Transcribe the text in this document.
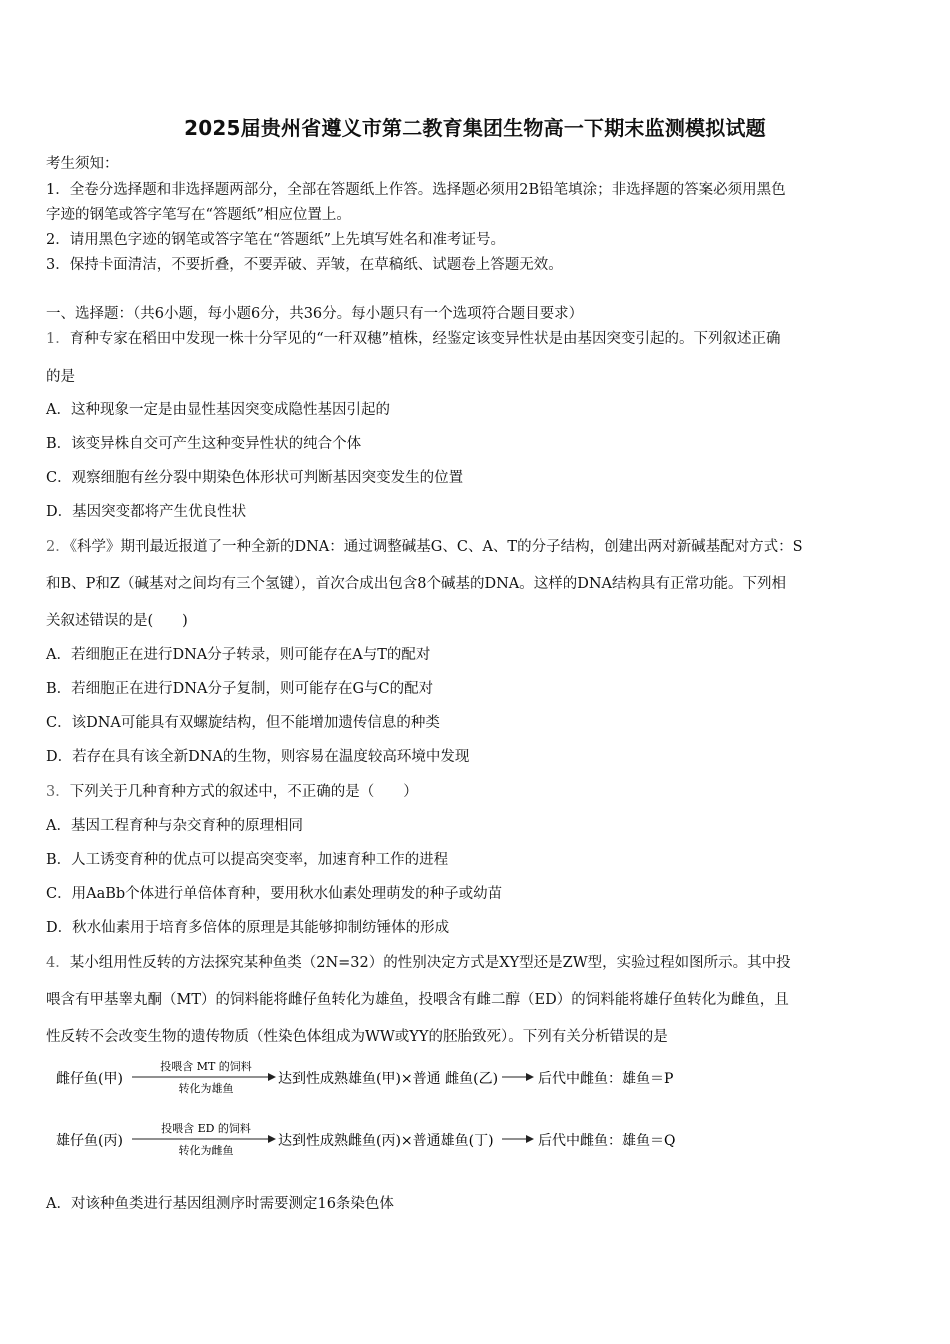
2025届贵州省遵义市第二教育集团生物高一下期末监测模拟试题
考生须知：
1．全卷分选择题和非选择题两部分，全部在答题纸上作答。选择题必须用2B铅笔填涂；非选择题的答案必须用黑色
字迹的钢笔或答字笔写在“答题纸”相应位置上。
2．请用黑色字迹的钢笔或答字笔在“答题纸”上先填写姓名和准考证号。
3．保持卡面清洁，不要折叠，不要弄破、弄皱，在草稿纸、试题卷上答题无效。
一、选择题：（共6小题，每小题6分，共36分。每小题只有一个选项符合题目要求）
1．育种专家在稻田中发现一株十分罕见的“一秆双穗”植株，经鉴定该变异性状是由基因突变引起的。下列叙述正确
的是
A．这种现象一定是由显性基因突变成隐性基因引起的
B．该变异株自交可产生这种变异性状的纯合个体
C．观察细胞有丝分裂中期染色体形状可判断基因突变发生的位置
D．基因突变都将产生优良性状
2．《科学》期刊最近报道了一种全新的DNA：通过调整碱基G、C、A、T的分子结构，创建出两对新碱基配对方式：S
和B、P和Z（碱基对之间均有三个氢键），首次合成出包含8个碱基的DNA。这样的DNA结构具有正常功能。下列相
关叙述错误的是(　　)
A．若细胞正在进行DNA分子转录，则可能存在A与T的配对
B．若细胞正在进行DNA分子复制，则可能存在G与C的配对
C．该DNA可能具有双螺旋结构，但不能增加遗传信息的种类
D．若存在具有该全新DNA的生物，则容易在温度较高环境中发现
3．下列关于几种育种方式的叙述中，不正确的是（　　）
A．基因工程育种与杂交育种的原理相同
B．人工诱变育种的优点可以提高突变率，加速育种工作的进程
C．用AaBb个体进行单倍体育种，要用秋水仙素处理萌发的种子或幼苗
D．秋水仙素用于培育多倍体的原理是其能够抑制纺锤体的形成
4．某小组用性反转的方法探究某种鱼类（2N=32）的性别决定方式是XY型还是ZW型，实验过程如图所示。其中投
喂含有甲基睾丸酮（MT）的饲料能将雌仔鱼转化为雄鱼，投喂含有雌二醇（ED）的饲料能将雄仔鱼转化为雌鱼，且
性反转不会改变生物的遗传物质（性染色体组成为WW或YY的胚胎致死）。下列有关分析错误的是
雌仔鱼(甲)
投喂含 MT 的饲料
转化为雄鱼
达到性成熟雄鱼(甲)×普通 雌鱼(乙)	后代中雌鱼：雄鱼＝P
雄仔鱼(丙)
投喂含 ED 的饲料
转化为雌鱼
达到性成熟雌鱼(丙)×普通雄鱼(丁)	后代中雌鱼：雄鱼＝Q
A．对该种鱼类进行基因组测序时需要测定16条染色体
